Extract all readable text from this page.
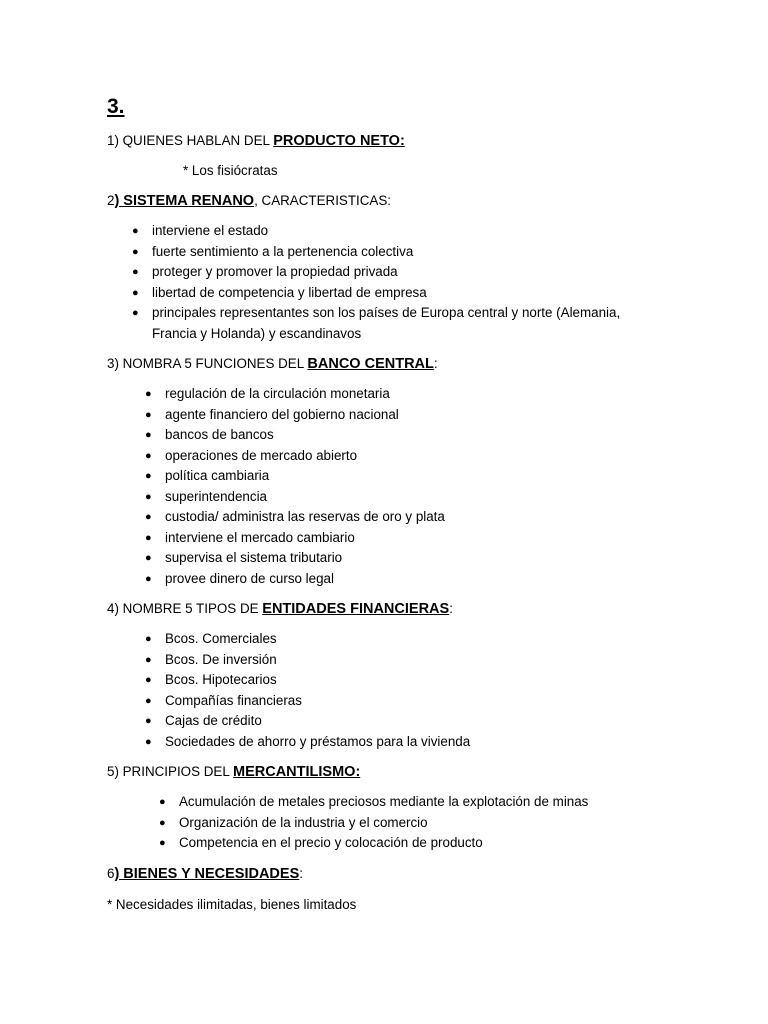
3.

1) QUIENES HABLAN DEL PRODUCTO NETO:

* Los fisiócratas

2) SISTEMA RENANO, CARACTERISTICAS:

● interviene el estado
● fuerte sentimiento a la pertenencia colectiva
● proteger y promover la propiedad privada
● libertad de competencia y libertad de empresa
● principales representantes son los países de Europa central y norte (Alemania, Francia y Holanda) y escandinavos

3) NOMBRA 5 FUNCIONES DEL BANCO CENTRAL:

● regulación de la circulación monetaria
● agente financiero del gobierno nacional
● bancos de bancos
● operaciones de mercado abierto
● política cambiaria
● superintendencia
● custodia/ administra las reservas de oro y plata
● interviene el mercado cambiario
● supervisa el sistema tributario
● provee dinero de curso legal

4) NOMBRE 5 TIPOS DE ENTIDADES FINANCIERAS:

● Bcos. Comerciales
● Bcos. De inversión
● Bcos. Hipotecarios
● Compañías financieras
● Cajas de crédito
● Sociedades de ahorro y préstamos para la vivienda

5) PRINCIPIOS DEL MERCANTILISMO:

● Acumulación de metales preciosos mediante la explotación de minas
● Organización de la industria y el comercio
● Competencia en el precio y colocación de producto

6) BIENES Y NECESIDADES:

* Necesidades ilimitadas, bienes limitados
